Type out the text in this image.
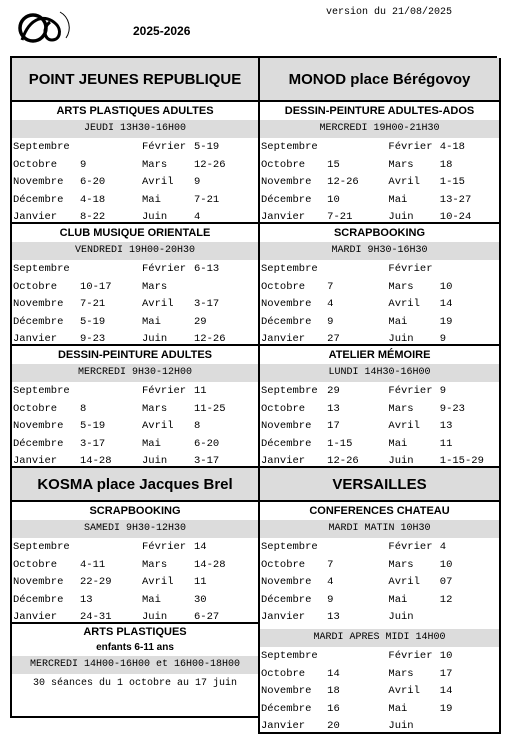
2025-2026
version du 21/08/2025
POINT JEUNES REPUBLIQUE
ARTS PLASTIQUES ADULTES
JEUDI 13H30-16H00
Septembre	Février 5-19
Octobre	9	Mars	12-26
Novembre	6-20	Avril	9
Décembre	4-18	Mai	7-21
Janvier	8-22	Juin	4
CLUB MUSIQUE ORIENTALE
VENDREDI 19H00-20H30
Septembre	Février 6-13
Octobre	10-17	Mars
Novembre	7-21	Avril	3-17
Décembre	5-19	Mai	29
Janvier	9-23	Juin	12-26
DESSIN-PEINTURE ADULTES
MERCREDI 9H30-12H00
Septembre	Février 11
Octobre	8	Mars	11-25
Novembre	5-19	Avril	8
Décembre	3-17	Mai	6-20
Janvier	14-28	Juin	3-17
KOSMA place Jacques Brel
SCRAPBOOKING
SAMEDI 9H30-12H30
Septembre	Février 14
Octobre	4-11	Mars	14-28
Novembre	22-29	Avril	11
Décembre	13	Mai	30
Janvier	24-31	Juin	6-27
ARTS PLASTIQUES
enfants 6-11 ans
MERCREDI 14H00-16H00 et 16H00-18H00
30 séances du 1 octobre au 17 juin
MONOD place Bérégovoy
DESSIN-PEINTURE ADULTES-ADOS
MERCREDI 19H00-21H30
Septembre	Février 4-18
Octobre	15	Mars	18
Novembre	12-26	Avril	1-15
Décembre	10	Mai	13-27
Janvier	7-21	Juin	10-24
SCRAPBOOKING
MARDI 9H30-16H30
Septembre	Février
Octobre	7	Mars	10
Novembre	4	Avril	14
Décembre	9	Mai	19
Janvier	27	Juin	9
ATELIER MÉMOIRE
LUNDI 14H30-16H00
Septembre 29	Février 9
Octobre	13	Mars	9-23
Novembre	17	Avril	13
Décembre	1-15	Mai	11
Janvier	12-26	Juin	1-15-29
VERSAILLES
CONFERENCES CHATEAU
MARDI MATIN 10H30
Septembre	Février 4
Octobre	7	Mars	10
Novembre	4	Avril	07
Décembre	9	Mai	12
Janvier	13	Juin
MARDI APRES MIDI 14H00
Septembre	Février 10
Octobre	14	Mars	17
Novembre	18	Avril	14
Décembre	16	Mai	19
Janvier	20	Juin
